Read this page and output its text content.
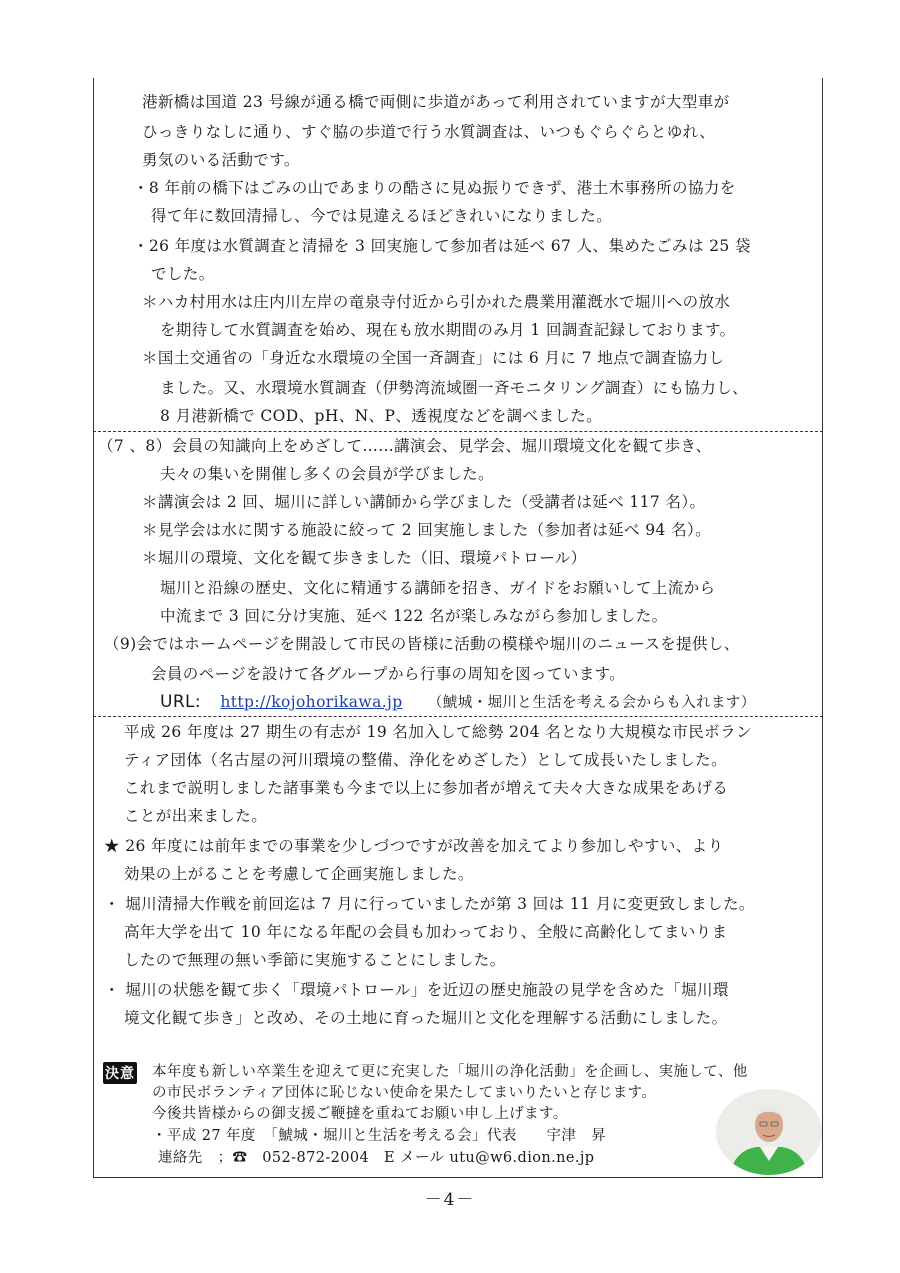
港新橋は国道 23 号線が通る橋で両側に歩道があって利用されていますが大型車が
ひっきりなしに通り、すぐ脇の歩道で行う水質調査は、いつもぐらぐらとゆれ、
勇気のいる活動です。
・8 年前の橋下はごみの山であまりの酷さに見ぬ振りできず、港土木事務所の協力を
得て年に数回清掃し、今では見違えるほどきれいになりました。
・26 年度は水質調査と清掃を 3 回実施して参加者は延べ 67 人、集めたごみは 25 袋
でした。
＊ハカ村用水は庄内川左岸の竜泉寺付近から引かれた農業用灌漑水で堀川への放水
を期待して水質調査を始め、現在も放水期間のみ月 1 回調査記録しております。
＊国土交通省の「身近な水環境の全国一斉調査」には 6 月に 7 地点で調査協力し
ました。又、水環境水質調査（伊勢湾流域圏一斉モニタリング調査）にも協力し、
8 月港新橋で COD、pH、N、P、透視度などを調べました。
（7 、8）会員の知識向上をめざして……講演会、見学会、堀川環境文化を観て歩き、
夫々の集いを開催し多くの会員が学びました。
＊講演会は 2 回、堀川に詳しい講師から学びました（受講者は延べ 117 名）。
＊見学会は水に関する施設に絞って 2 回実施しました（参加者は延べ 94 名）。
＊堀川の環境、文化を観て歩きました（旧、環境パトロール）
堀川と沿線の歴史、文化に精通する講師を招き、ガイドをお願いして上流から
中流まで 3 回に分け実施、延べ 122 名が楽しみながら参加しました。
（9)会ではホームページを開設して市民の皆様に活動の模様や堀川のニュースを提供し、
会員のページを設けて各グループから行事の周知を図っています。
URL: http://kojohorikawa.jp （鯱城・堀川と生活を考える会からも入れます）
平成 26 年度は 27 期生の有志が 19 名加入して総勢 204 名となり大規模な市民ボラン
ティア団体（名古屋の河川環境の整備、浄化をめざした）として成長いたしました。
これまで説明しました諸事業も今まで以上に参加者が増えて夫々大きな成果をあげる
ことが出来ました。
★ 26 年度には前年までの事業を少しづつですが改善を加えてより参加しやすい、より
効果の上がることを考慮して企画実施しました。
・ 堀川清掃大作戦を前回迄は 7 月に行っていましたが第 3 回は 11 月に変更致しました。
高年大学を出て 10 年になる年配の会員も加わっており、全般に高齢化してまいりま
したので無理の無い季節に実施することにしました。
・ 堀川の状態を観て歩く「環境パトロール」を近辺の歴史施設の見学を含めた「堀川環
境文化観て歩き」と改め、その土地に育った堀川と文化を理解する活動にしました。
決意 本年度も新しい卒業生を迎えて更に充実した「堀川の浄化活動」を企画し、実施して、他
の市民ボランティア団体に恥じない使命を果たしてまいりたいと存じます。
今後共皆様からの御支援ご鞭撻を重ねてお願い申し上げます。
・平成 27 年度　「鯱城・堀川と生活を考える会」代表　　宇津　昇
連絡先　；☎　052-872-2004　E メール utu@w6.dion.ne.jp
－4－
